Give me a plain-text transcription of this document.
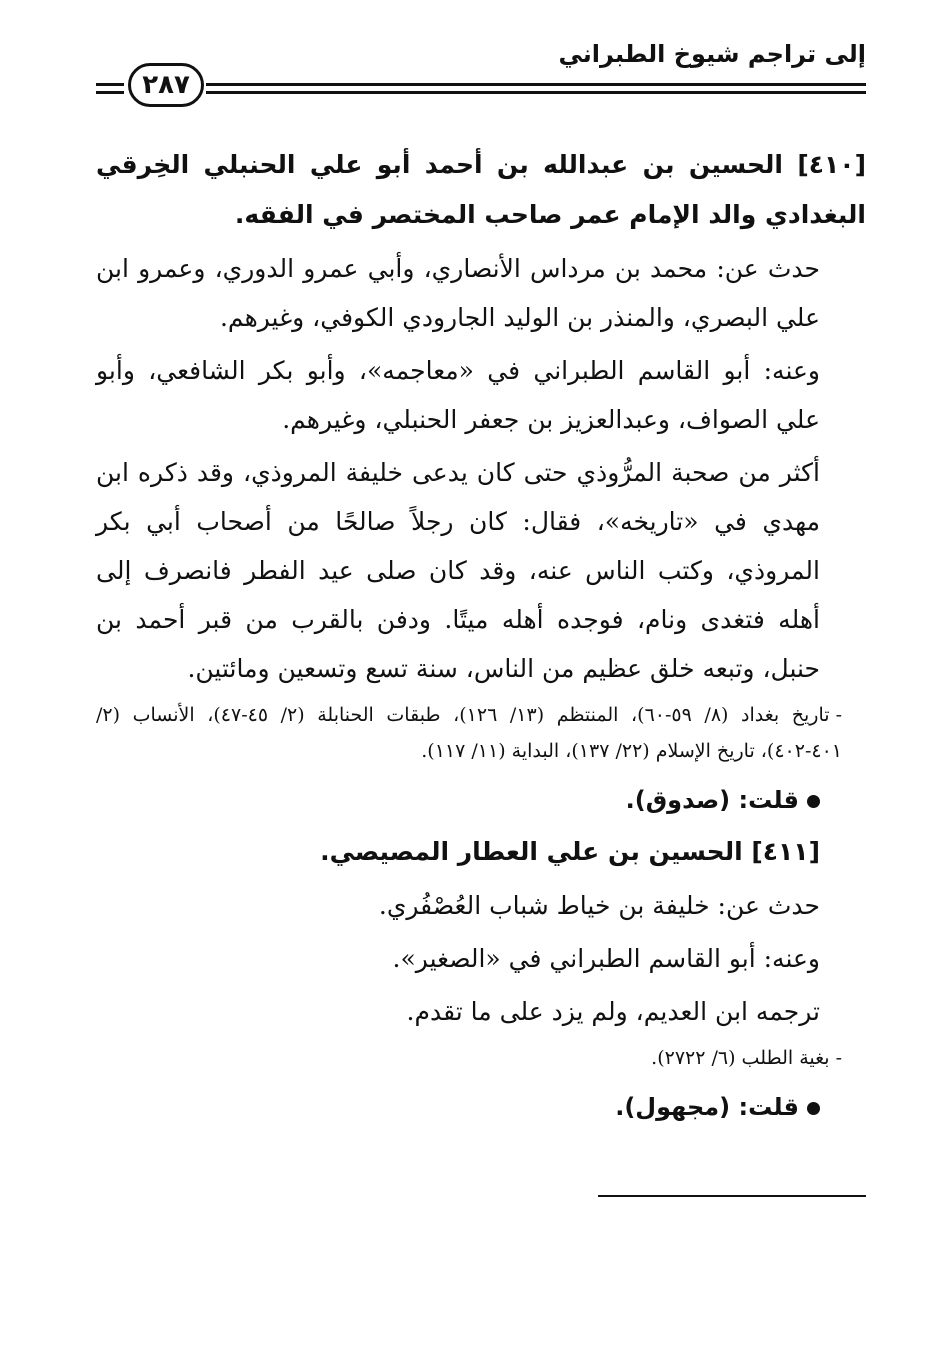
إلى تراجم شيوخ الطبراني
٢٨٧

[٤١٠] الحسين بن عبدالله بن أحمد أبو علي الحنبلي الخِرقي البغدادي والد الإمام عمر صاحب المختصر في الفقه.

حدث عن: محمد بن مرداس الأنصاري، وأبي عمرو الدوري، وعمرو ابن علي البصري، والمنذر بن الوليد الجارودي الكوفي، وغيرهم.

وعنه: أبو القاسم الطبراني في «معاجمه»، وأبو بكر الشافعي، وأبو علي الصواف، وعبدالعزيز بن جعفر الحنبلي، وغيرهم.

أكثر من صحبة المرُّوذي حتى كان يدعى خليفة المروذي، وقد ذكره ابن مهدي في «تاريخه»، فقال: كان رجلاً صالحًا من أصحاب أبي بكر المروذي، وكتب الناس عنه، وقد كان صلى عيد الفطر فانصرف إلى أهله فتغدى ونام، فوجده أهله ميتًا. ودفن بالقرب من قبر أحمد بن حنبل، وتبعه خلق عظيم من الناس، سنة تسع وتسعين ومائتين.

-تاريخ بغداد (٨/ ٥٩-٦٠)، المنتظم (١٣/ ١٢٦)، طبقات الحنابلة (٢/ ٤٥-٤٧)، الأنساب (٢/ ٤٠١-٤٠٢)، تاريخ الإسلام (٢٢/ ١٣٧)، البداية (١١/ ١١٧).

قلت: (صدوق).

[٤١١] الحسين بن علي العطار المصيصي.

حدث عن: خليفة بن خياط شباب العُصْفُري.

وعنه: أبو القاسم الطبراني في «الصغير».

ترجمه ابن العديم، ولم يزد على ما تقدم.

-بغية الطلب (٦/ ٢٧٢٢).

قلت: (مجهول).
